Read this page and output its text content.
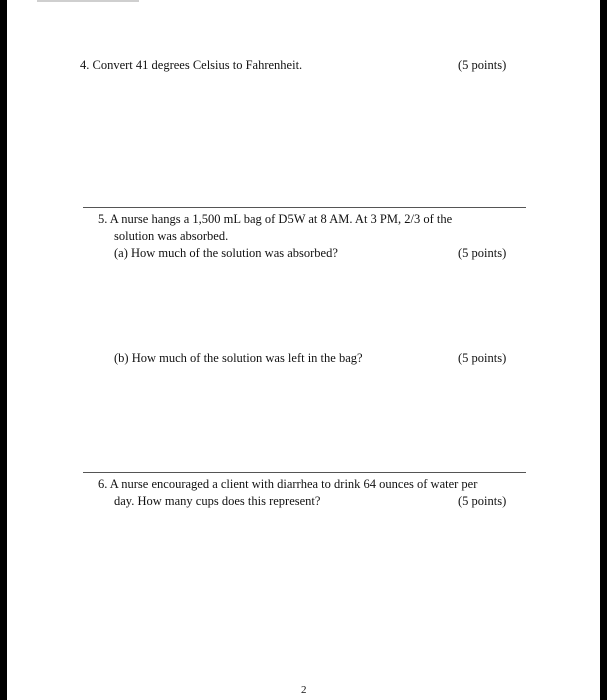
4. Convert 41 degrees Celsius to Fahrenheit.	(5 points)
5. A nurse hangs a 1,500 mL bag of D5W at 8 AM. At 3 PM, 2/3 of the
solution was absorbed.
(a) How much of the solution was absorbed?	(5 points)
(b) How much of the solution was left in the bag?	(5 points)
6. A nurse encouraged a client with diarrhea to drink 64 ounces of water per
day. How many cups does this represent?	(5 points)
2
